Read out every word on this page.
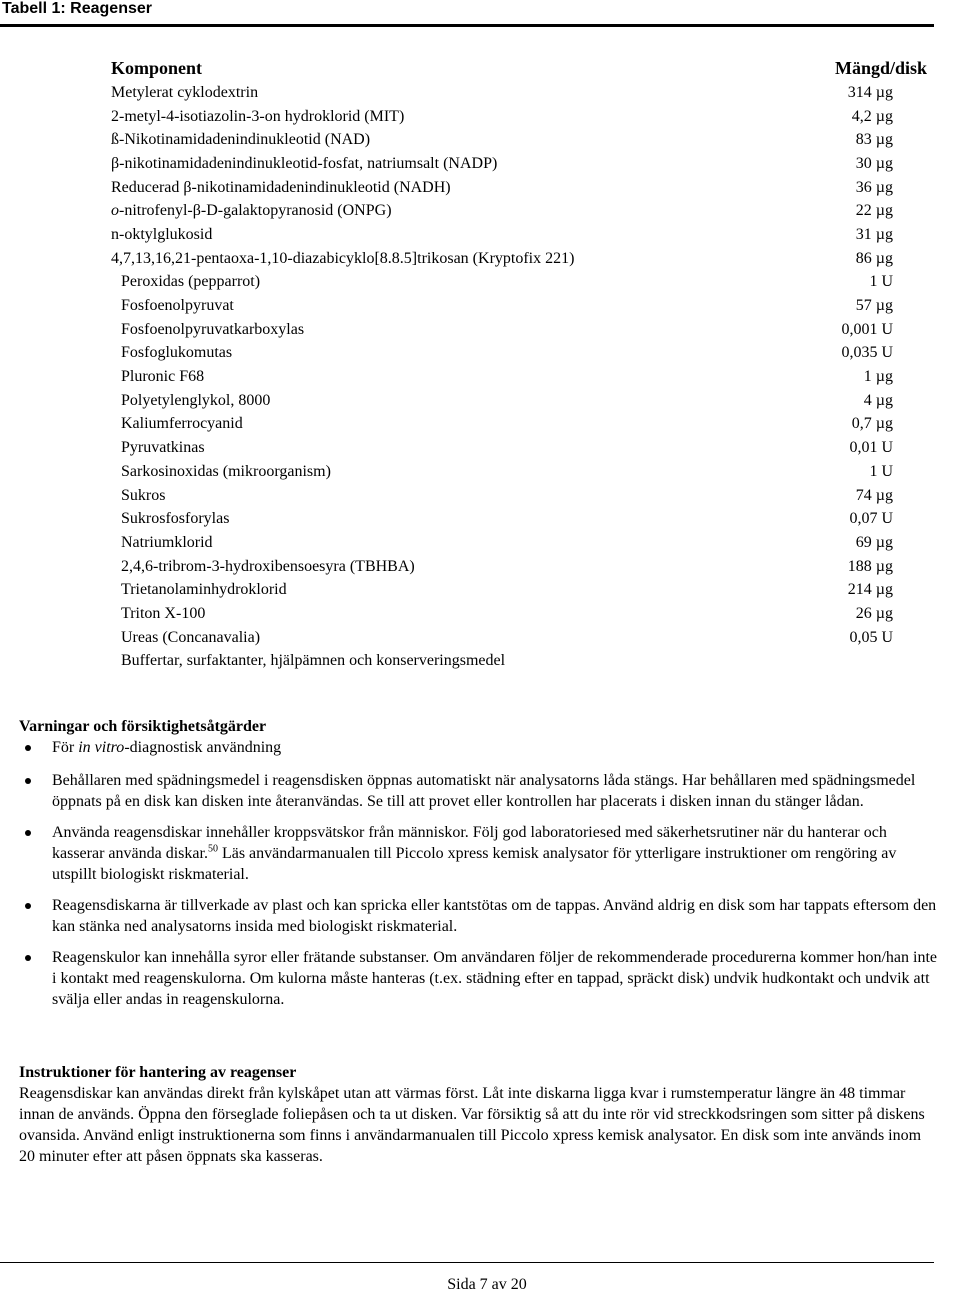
Tabell 1: Reagenser
Komponent	Mängd/disk
Metylerat cyklodextrin	314 µg
2-metyl-4-isotiazolin-3-on hydroklorid (MIT)	4,2 µg
ß-Nikotinamidadenindinukleotid (NAD)	83 µg
β-nikotinamidadenindinukleotid-fosfat, natriumsalt (NADP)	30 µg
Reducerad β-nikotinamidadenindinukleotid (NADH)	36 µg
o-nitrofenyl-β-D-galaktopyranosid (ONPG)	22 µg
n-oktylglukosid	31 µg
4,7,13,16,21-pentaoxa-1,10-diazabicyklo[8.8.5]trikosan (Kryptofix 221)	86 µg
Peroxidas (pepparrot)	1 U
Fosfoenolpyruvat	57 µg
Fosfoenolpyruvatkarboxylas	0,001 U
Fosfoglukomutas	0,035 U
Pluronic F68	1 µg
Polyetylenglykol, 8000	4 µg
Kaliumferrocyanid	0,7 µg
Pyruvatkinas	0,01 U
Sarkosinoxidas (mikroorganism)	1 U
Sukros	74 µg
Sukrosfosforylas	0,07 U
Natriumklorid	69 µg
2,4,6-tribrom-3-hydroxibensoesyra (TBHBA)	188 µg
Trietanolaminhydroklorid	214 µg
Triton X-100	26 µg
Ureas (Concanavalia)	0,05 U
Buffertar, surfaktanter, hjälpämnen och konserveringsmedel	
Varningar och försiktighetsåtgärder
För in vitro-diagnostisk användning
Behållaren med spädningsmedel i reagensdisken öppnas automatiskt när analysatorns låda stängs. Har behållaren med spädningsmedel öppnats på en disk kan disken inte återanvändas. Se till att provet eller kontrollen har placerats i disken innan du stänger lådan.
Använda reagensdiskar innehåller kroppsvätskor från människor. Följ god laboratoriesed med säkerhetsrutiner när du hanterar och kasserar använda diskar.$^{50}$ Läs användarmanualen till Piccolo xpress kemisk analysator för ytterligare instruktioner om rengöring av utspillt biologiskt riskmaterial.
Reagensdiskarna är tillverkade av plast och kan spricka eller kantstötas om de tappas. Använd aldrig en disk som har tappats eftersom den kan stänka ned analysatorns insida med biologiskt riskmaterial.
Reagenskulor kan innehålla syror eller frätande substanser. Om användaren följer de rekommenderade procedurerna kommer hon/han inte i kontakt med reagenskulorna. Om kulorna måste hanteras (t.ex. städning efter en tappad, spräckt disk) undvik hudkontakt och undvik att svälja eller andas in reagenskulorna.
Instruktioner för hantering av reagenser
Reagensdiskar kan användas direkt från kylskåpet utan att värmas först. Låt inte diskarna ligga kvar i rumstemperatur längre än 48 timmar innan de används. Öppna den förseglade foliepåsen och ta ut disken. Var försiktig så att du inte rör vid streckkodsringen som sitter på diskens ovansida. Använd enligt instruktionerna som finns i användarmanualen till Piccolo xpress kemisk analysator. En disk som inte används inom 20 minuter efter att påsen öppnats ska kasseras.
Sida 7 av 20
